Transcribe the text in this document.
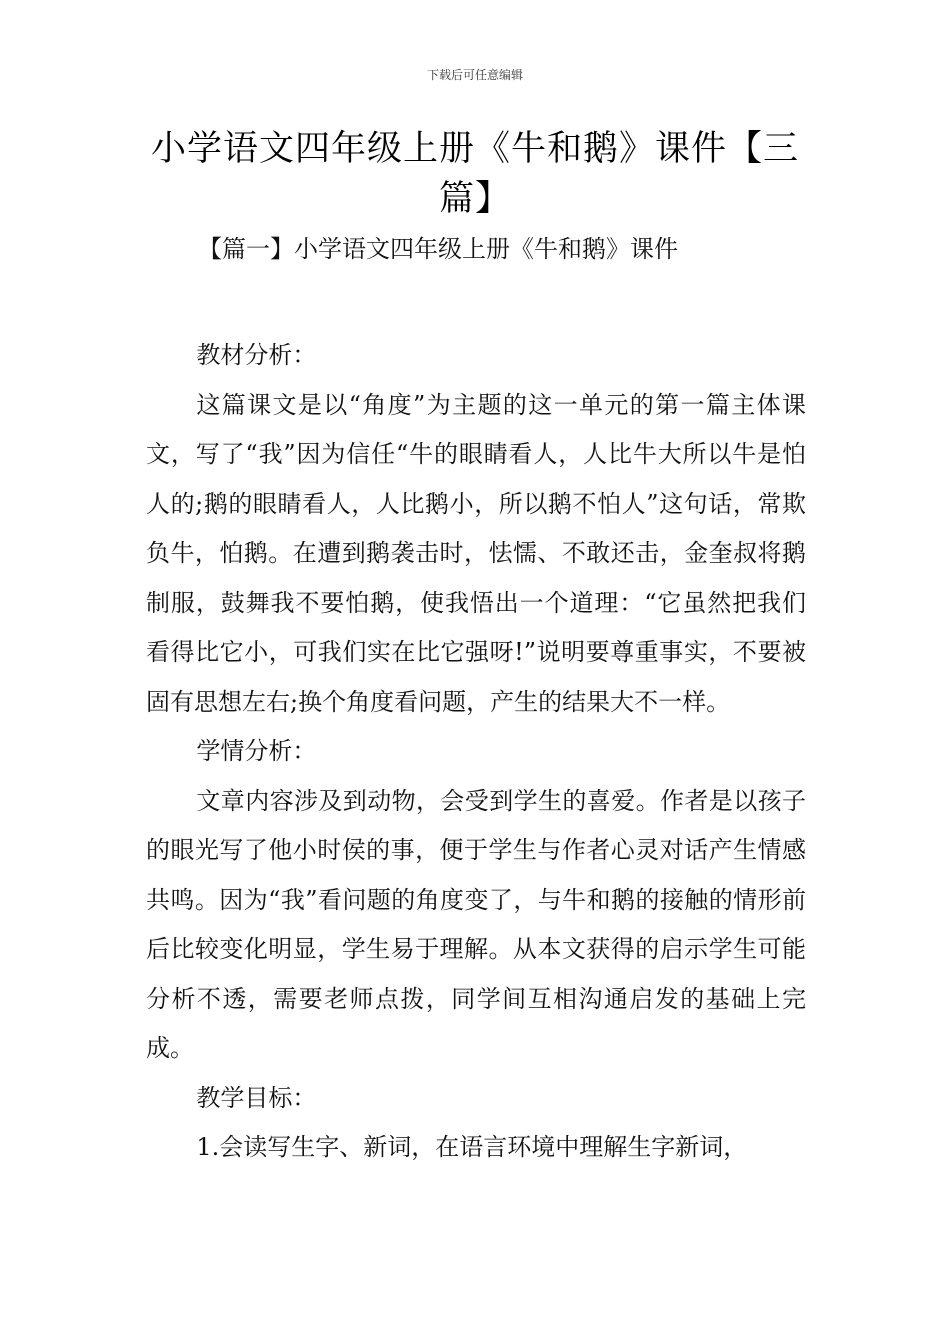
下载后可任意编辑
小学语文四年级上册《牛和鹅》课件【三篇】
【篇一】小学语文四年级上册《牛和鹅》课件

教材分析：

这篇课文是以“角度”为主题的这一单元的第一篇主体课文，写了“我”因为信任“牛的眼睛看人，人比牛大所以牛是怕人的;鹅的眼睛看人，人比鹅小，所以鹅不怕人”这句话，常欺负牛，怕鹅。在遭到鹅袭击时，怯懦、不敢还击，金奎叔将鹅制服，鼓舞我不要怕鹅，使我悟出一个道理：“它虽然把我们看得比它小，可我们实在比它强呀!”说明要尊重事实，不要被固有思想左右;换个角度看问题，产生的结果大不一样。

学情分析：

文章内容涉及到动物，会受到学生的喜爱。作者是以孩子的眼光写了他小时侯的事，便于学生与作者心灵对话产生情感共鸣。因为“我”看问题的角度变了，与牛和鹅的接触的情形前后比较变化明显，学生易于理解。从本文获得的启示学生可能分析不透，需要老师点拨，同学间互相沟通启发的基础上完成。

教学目标：

1.会读写生字、新词，在语言环境中理解生字新词，
